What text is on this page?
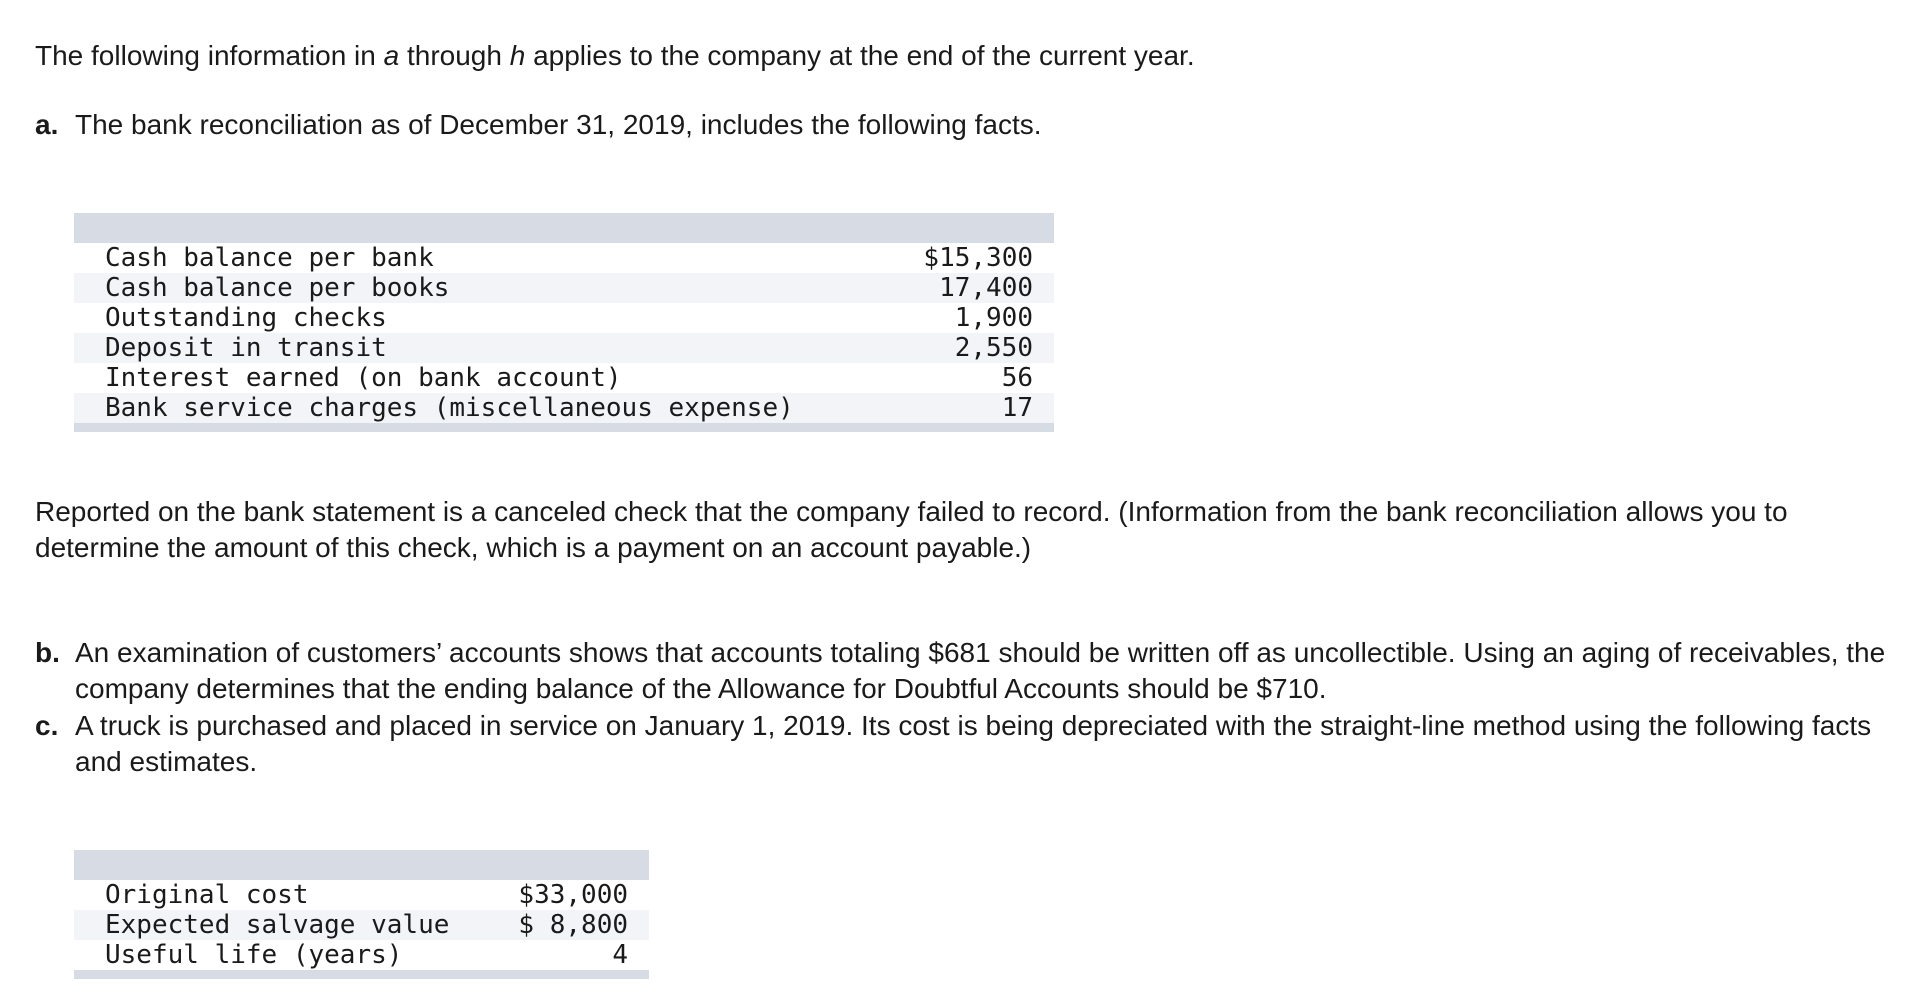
The following information in a through h applies to the company at the end of the current year.

a. The bank reconciliation as of December 31, 2019, includes the following facts.
Cash balance per bank	$15,300
Cash balance per books	17,400
Outstanding checks	1,900
Deposit in transit	2,550
Interest earned (on bank account)	56
Bank service charges (miscellaneous expense)	17

Reported on the bank statement is a canceled check that the company failed to record. (Information from the bank reconciliation allows you to determine the amount of this check, which is a payment on an account payable.)

b. An examination of customers’ accounts shows that accounts totaling $681 should be written off as uncollectible. Using an aging of receivables, the company determines that the ending balance of the Allowance for Doubtful Accounts should be $710.
c. A truck is purchased and placed in service on January 1, 2019. Its cost is being depreciated with the straight-line method using the following facts and estimates.
Original cost	$33,000
Expected salvage value	$ 8,800
Useful life (years)	4
